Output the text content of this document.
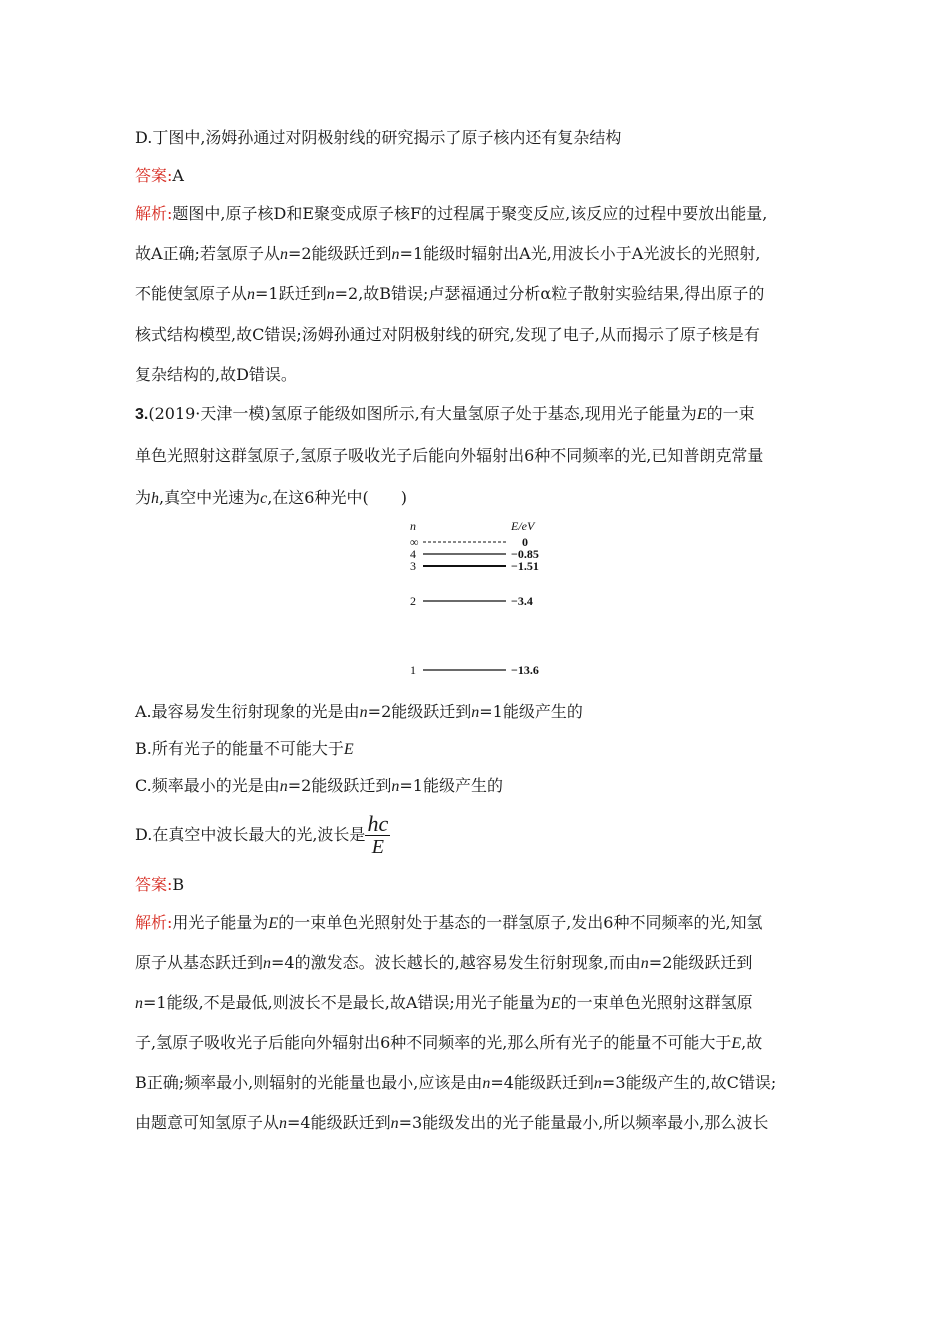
D.丁图中,汤姆孙通过对阴极射线的研究揭示了原子核内还有复杂结构
答案:A
解析:题图中,原子核D和E聚变成原子核F的过程属于聚变反应,该反应的过程中要放出能量,
故A正确;若氢原子从n=2能级跃迁到n=1能级时辐射出A光,用波长小于A光波长的光照射,
不能使氢原子从n=1跃迁到n=2,故B错误;卢瑟福通过分析α粒子散射实验结果,得出原子的
核式结构模型,故C错误;汤姆孙通过对阴极射线的研究,发现了电子,从而揭示了原子核是有
复杂结构的,故D错误。
3.(2019·天津一模)氢原子能级如图所示,有大量氢原子处于基态,现用光子能量为E的一束
单色光照射这群氢原子,氢原子吸收光子后能向外辐射出6种不同频率的光,已知普朗克常量
为h,真空中光速为c,在这6种光中(　　)
n	E/eV
∞	0
4	−0.85
3	−1.51
2	−3.4
1	−13.6
A.最容易发生衍射现象的光是由n=2能级跃迁到n=1能级产生的
B.所有光子的能量不可能大于E
C.频率最小的光是由n=2能级跃迁到n=1能级产生的
D.在真空中波长最大的光,波长是 $\frac{hc}{E}$
答案:B
解析:用光子能量为E的一束单色光照射处于基态的一群氢原子,发出6种不同频率的光,知氢
原子从基态跃迁到n=4的激发态。波长越长的,越容易发生衍射现象,而由n=2能级跃迁到
n=1能级,不是最低,则波长不是最长,故A错误;用光子能量为E的一束单色光照射这群氢原
子,氢原子吸收光子后能向外辐射出6种不同频率的光,那么所有光子的能量不可能大于E,故
B正确;频率最小,则辐射的光能量也最小,应该是由n=4能级跃迁到n=3能级产生的,故C错误;
由题意可知氢原子从n=4能级跃迁到n=3能级发出的光子能量最小,所以频率最小,那么波长
